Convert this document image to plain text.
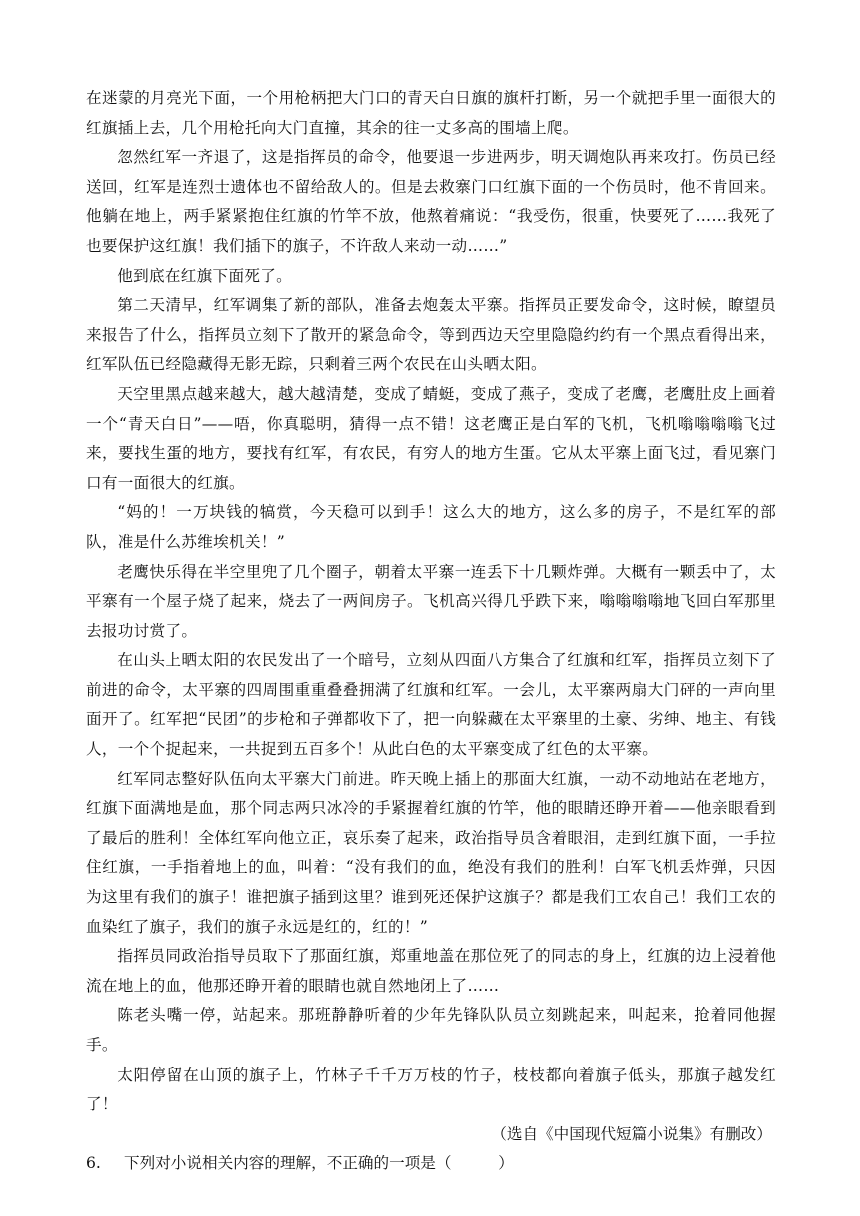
在迷蒙的月亮光下面，一个用枪柄把大门口的青天白日旗的旗杆打断，另一个就把手里一面很大的红旗插上去，几个用枪托向大门直撞，其余的往一丈多高的围墙上爬。

忽然红军一齐退了，这是指挥员的命令，他要退一步进两步，明天调炮队再来攻打。伤员已经送回，红军是连烈士遗体也不留给敌人的。但是去救寨门口红旗下面的一个伤员时，他不肯回来。他躺在地上，两手紧紧抱住红旗的竹竿不放，他熬着痛说：“我受伤，很重，快要死了……我死了也要保护这红旗！我们插下的旗子，不许敌人来动一动……”

他到底在红旗下面死了。

第二天清早，红军调集了新的部队，准备去炮轰太平寨。指挥员正要发命令，这时候，瞭望员来报告了什么，指挥员立刻下了散开的紧急命令，等到西边天空里隐隐约约有一个黑点看得出来，红军队伍已经隐藏得无影无踪，只剩着三两个农民在山头晒太阳。

天空里黑点越来越大，越大越清楚，变成了蜻蜓，变成了燕子，变成了老鹰，老鹰肚皮上画着一个“青天白日”——唔，你真聪明，猜得一点不错！这老鹰正是白军的飞机，飞机嗡嗡嗡嗡飞过来，要找生蛋的地方，要找有红军，有农民，有穷人的地方生蛋。它从太平寨上面飞过，看见寨门口有一面很大的红旗。

“妈的！一万块钱的犒赏，今天稳可以到手！这么大的地方，这么多的房子，不是红军的部队，准是什么苏维埃机关！”

老鹰快乐得在半空里兜了几个圈子，朝着太平寨一连丢下十几颗炸弹。大概有一颗丢中了，太平寨有一个屋子烧了起来，烧去了一两间房子。飞机高兴得几乎跌下来，嗡嗡嗡嗡地飞回白军那里去报功讨赏了。

在山头上晒太阳的农民发出了一个暗号，立刻从四面八方集合了红旗和红军，指挥员立刻下了前进的命令，太平寨的四周围重重叠叠拥满了红旗和红军。一会儿，太平寨两扇大门砰的一声向里面开了。红军把“民团”的步枪和子弹都收下了，把一向躲藏在太平寨里的土豪、劣绅、地主、有钱人，一个个捉起来，一共捉到五百多个！从此白色的太平寨变成了红色的太平寨。

红军同志整好队伍向太平寨大门前进。昨天晚上插上的那面大红旗，一动不动地站在老地方，红旗下面满地是血，那个同志两只冰冷的手紧握着红旗的竹竿，他的眼睛还睁开着——他亲眼看到了最后的胜利！全体红军向他立正，哀乐奏了起来，政治指导员含着眼泪，走到红旗下面，一手拉住红旗，一手指着地上的血，叫着：“没有我们的血，绝没有我们的胜利！白军飞机丢炸弹，只因为这里有我们的旗子！谁把旗子插到这里？谁到死还保护这旗子？都是我们工农自己！我们工农的血染红了旗子，我们的旗子永远是红的，红的！”

指挥员同政治指导员取下了那面红旗，郑重地盖在那位死了的同志的身上，红旗的边上浸着他流在地上的血，他那还睁开着的眼睛也就自然地闭上了……

陈老头嘴一停，站起来。那班静静听着的少年先锋队队员立刻跳起来，叫起来，抢着同他握手。

太阳停留在山顶的旗子上，竹林子千千万万枝的竹子，枝枝都向着旗子低头，那旗子越发红了！

（选自《中国现代短篇小说集》有删改）

6. 下列对小说相关内容的理解，不正确的一项是（　　　）
